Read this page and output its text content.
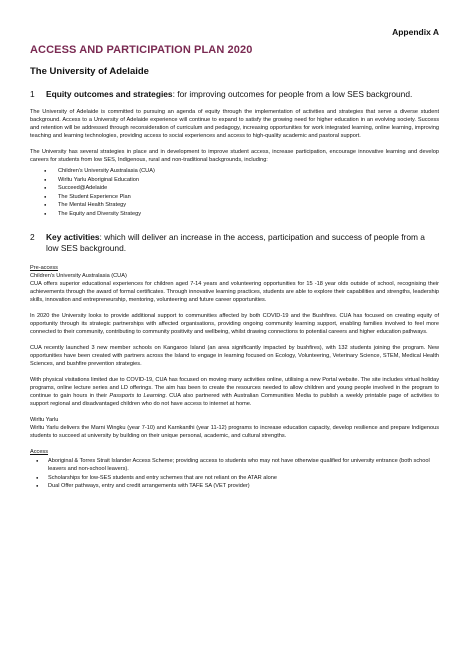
Appendix A
ACCESS AND PARTICIPATION PLAN 2020
The University of Adelaide
1	Equity outcomes and strategies: for improving outcomes for people from a low SES background.

The University of Adelaide is committed to pursuing an agenda of equity through the implementation of activities and strategies that serve a diverse student background. Access to a University of Adelaide experience will continue to expand to satisfy the growing need for higher education in an evolving society. Success and retention will be addressed through reconsideration of curriculum and pedagogy, increasing opportunities for work integrated learning, online learning, improving teaching and learning technologies, providing access to social experiences and access to high-quality academic and pastoral support.

The University has several strategies in place and in development to improve student access, increase participation, encourage innovative learning and develop careers for students from low SES, Indigenous, rural and non-traditional backgrounds, including:

● Children's University Australasia (CUA)
● Wirltu Yarlu Aboriginal Education
● Succeed@Adelaide
● The Student Experience Plan
● The Mental Health Strategy
● The Equity and Diversity Strategy
2	Key activities: which will deliver an increase in the access, participation and success of people from a low SES background.
Pre-access
Children's University Australasia (CUA)

CUA offers superior educational experiences for children aged 7-14 years and volunteering opportunities for 15 -18 year olds outside of school, recognising their achievements through the award of formal certificates. Through innovative learning practices, students are able to explore their capabilities and strengths, leadership skills, innovation and entrepreneurship, mentoring, volunteering and future career opportunities.

In 2020 the University looks to provide additional support to communities affected by both COVID-19 and the Bushfires. CUA has focused on creating equity of opportunity through its strategic partnerships with affected organisations, providing ongoing community learning support, enabling families involved to feel more connected to their community, contributing to community positivity and wellbeing, whilst drawing connections to potential careers and higher education pathways.

CUA recently launched 3 new member schools on Kangaroo Island (an area significantly impacted by bushfires), with 132 students joining the program. New opportunities have been created with partners across the Island to engage in learning focused on Ecology, Volunteering, Veterinary Science, STEM, Medical Health Sciences, and bushfire prevention strategies.

With physical visitations limited due to COVID-19, CUA has focused on moving many activities online, utilising a new Portal website. The site includes virtual holiday programs, online lecture series and LD offerings. The aim has been to create the resources needed to allow children and young people involved in the program to continue to gain hours in their Passports to Learning. CUA also partnered with Australian Communities Media to publish a weekly printable page of activities to support regional and disadvantaged children who do not have access to internet at home.

Wirltu Yarlu

Wirltu Yarlu delivers the Marni Wingku (year 7-10) and Karnkanthi (year 11-12) programs to increase education capacity, develop resilience and prepare Indigenous students to succeed at university by building on their unique personal, academic, and cultural strengths.

Access
● Aboriginal & Torres Strait Islander Access Scheme; providing access to students who may not have otherwise qualified for university entrance (both school leavers and non-school leavers).
● Scholarships for low-SES students and entry schemes that are not reliant on the ATAR alone
● Dual Offer pathways, entry and credit arrangements with TAFE SA (VET provider)
